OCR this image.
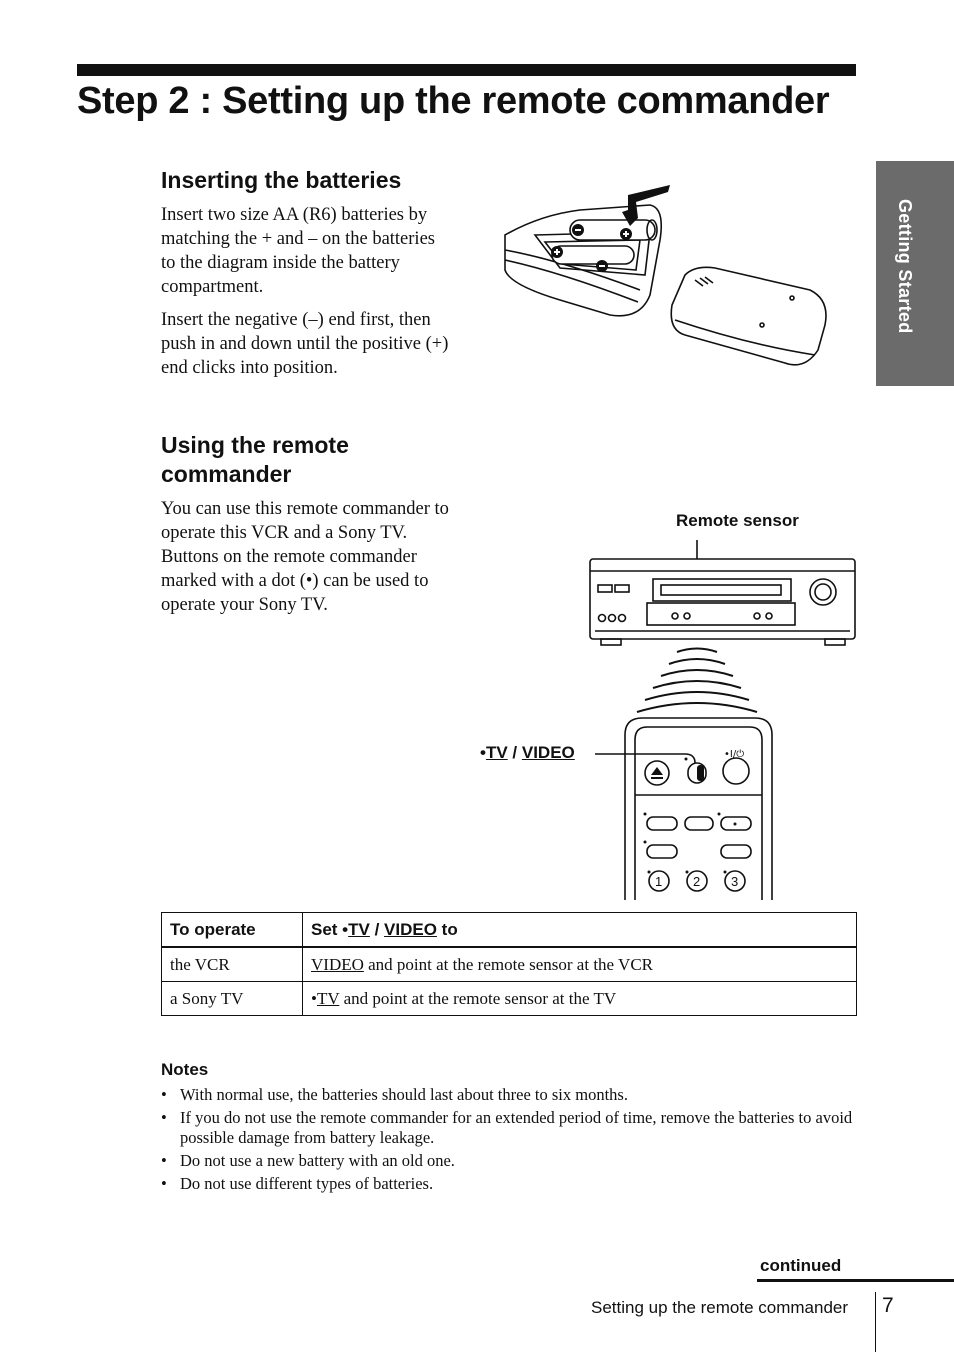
Step 2 : Setting up the remote commander
Getting Started
Inserting the batteries
Insert two size AA (R6) batteries by matching the + and – on the batteries to the diagram inside the battery compartment.
Insert the negative (–) end first, then push in and down until the positive (+) end clicks into position.
Using the remote commander
You can use this remote commander to operate this VCR and a Sony TV. Buttons on the remote commander marked with a dot (•) can be used to operate your Sony TV.
Remote sensor
•I/⏻
1 2 3
•TV / VIDEO
To operate	Set •TV / VIDEO to
the VCR	VIDEO and point at the remote sensor at the VCR
a Sony TV	•TV and point at the remote sensor at the TV
Notes
• With normal use, the batteries should last about three to six months.
• If you do not use the remote commander for an extended period of time, remove the batteries to avoid possible damage from battery leakage.
• Do not use a new battery with an old one.
• Do not use different types of batteries.
continued
Setting up the remote commander 7
